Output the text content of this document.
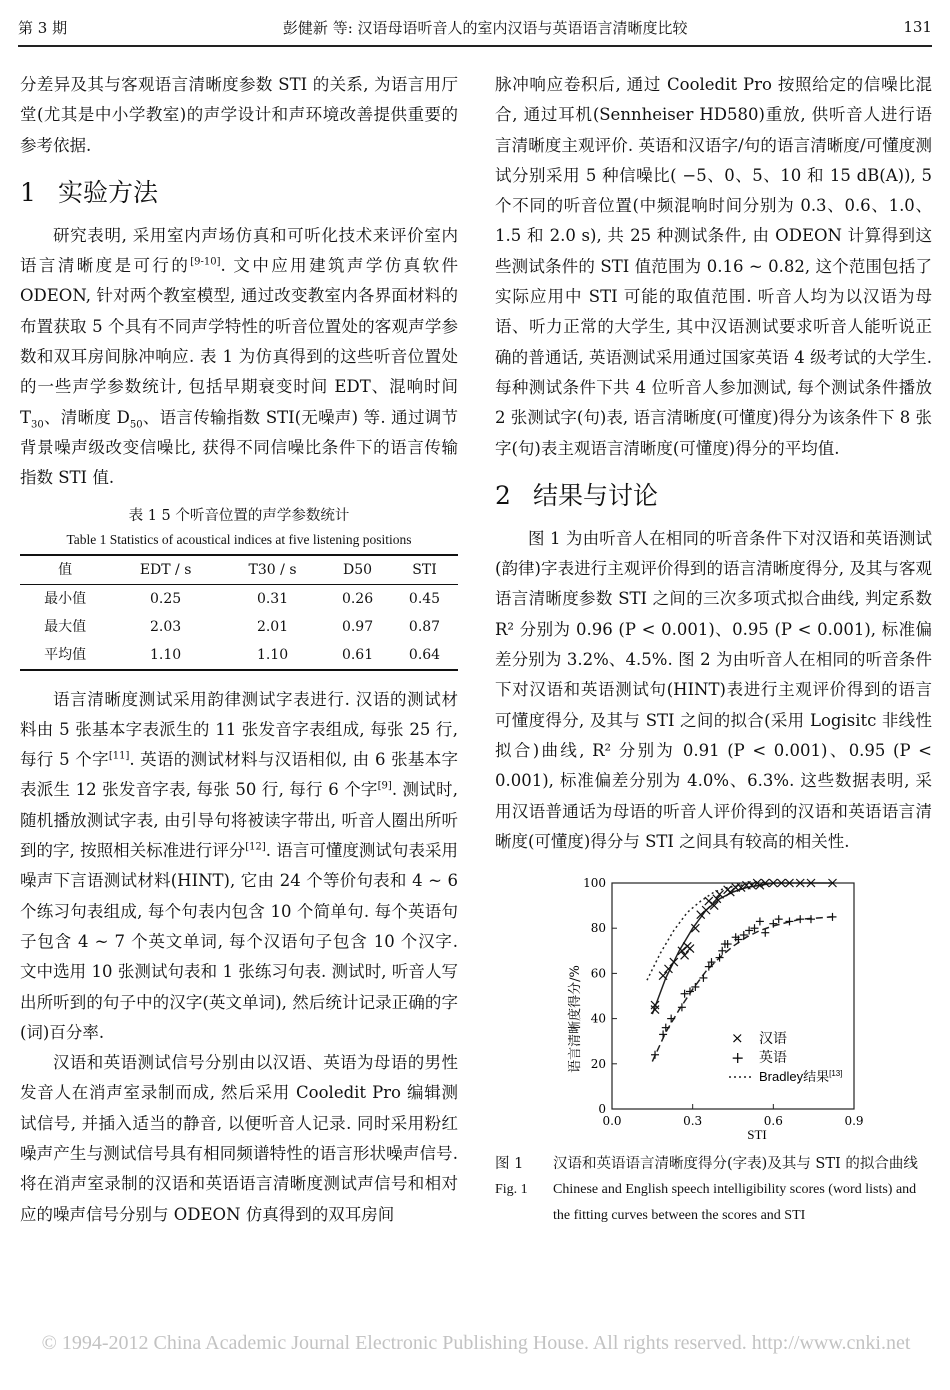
第 3 期	彭健新 等: 汉语母语听音人的室内汉语与英语语言清晰度比较	131

分差异及其与客观语言清晰度参数 STI 的关系, 为语言用厅堂(尤其是中小学教室)的声学设计和声环境改善提供重要的参考依据.

1 实验方法

研究表明, 采用室内声场仿真和可听化技术来评价室内语言清晰度是可行的[9-10]. 文中应用建筑声学仿真软件 ODEON, 针对两个教室模型, 通过改变教室内各界面材料的布置获取 5 个具有不同声学特性的听音位置处的客观声学参数和双耳房间脉冲响应. 表 1 为仿真得到的这些听音位置处的一些声学参数统计, 包括早期衰变时间 EDT、混响时间 $T_{30}$、清晰度 $D_{50}$、语言传输指数 STI(无噪声) 等. 通过调节背景噪声级改变信噪比, 获得不同信噪比条件下的语言传输指数 STI 值.

表 1 5 个听音位置的声学参数统计
Table 1 Statistics of acoustical indices at five listening positions
值	EDT / s	T30 / s	D50	STI
最小值	0.25	0.31	0.26	0.45
最大值	2.03	2.01	0.97	0.87
平均值	1.10	1.10	0.61	0.64

语言清晰度测试采用韵律测试字表进行. 汉语的测试材料由 5 张基本字表派生的 11 张发音字表组成, 每张 25 行, 每行 5 个字[11]. 英语的测试材料与汉语相似, 由 6 张基本字表派生 12 张发音字表, 每张 50 行, 每行 6 个字[9]. 测试时, 随机播放测试字表, 由引导句将被读字带出, 听音人圈出所听到的字, 按照相关标准进行评分[12]. 语言可懂度测试句表采用噪声下言语测试材料(HINT), 它由 24 个等价句表和 4 ~ 6 个练习句表组成, 每个句表内包含 10 个简单句. 每个英语句子包含 4 ~ 7 个英文单词, 每个汉语句子包含 10 个汉字. 文中选用 10 张测试句表和 1 张练习句表. 测试时, 听音人写出所听到的句子中的汉字(英文单词), 然后统计记录正确的字(词)百分率.

汉语和英语测试信号分别由以汉语、英语为母语的男性发音人在消声室录制而成, 然后采用 Cooledit Pro 编辑测试信号, 并插入适当的静音, 以便听音人记录. 同时采用粉红噪声产生与测试信号具有相同频谱特性的语言形状噪声信号. 将在消声室录制的汉语和英语语言清晰度测试声信号和相对应的噪声信号分别与 ODEON 仿真得到的双耳房间

脉冲响应卷积后, 通过 Cooledit Pro 按照给定的信噪比混合, 通过耳机(Sennheiser HD580)重放, 供听音人进行语言清晰度主观评价. 英语和汉语字/句的语言清晰度/可懂度测试分别采用 5 种信噪比( −5、0、5、10 和 15 dB(A)), 5 个不同的听音位置(中频混响时间分别为 0.3、0.6、1.0、1.5 和 2.0 s), 共 25 种测试条件, 由 ODEON 计算得到这些测试条件的 STI 值范围为 0.16 ~ 0.82, 这个范围包括了实际应用中 STI 可能的取值范围. 听音人均为以汉语为母语、听力正常的大学生, 其中汉语测试要求听音人能听说正确的普通话, 英语测试采用通过国家英语 4 级考试的大学生. 每种测试条件下共 4 位听音人参加测试, 每个测试条件播放 2 张测试字(句)表, 语言清晰度(可懂度)得分为该条件下 8 张字(句)表主观语言清晰度(可懂度)得分的平均值.

2 结果与讨论

图 1 为由听音人在相同的听音条件下对汉语和英语测试(韵律)字表进行主观评价得到的语言清晰度得分, 及其与客观语言清晰度参数 STI 之间的三次多项式拟合曲线, 判定系数 R² 分别为 0.96 (P < 0.001)、0.95 (P < 0.001), 标准偏差分别为 3.2%、4.5%. 图 2 为由听音人在相同的听音条件下对汉语和英语测试句(HINT)表进行主观评价得到的语言可懂度得分, 及其与 STI 之间的拟合(采用 Logisitc 非线性拟合)曲线, R² 分别为 0.91 (P < 0.001)、0.95 (P < 0.001), 标准偏差分别为 4.0%、6.3%. 这些数据表明, 采用汉语普通话为母语的听音人评价得到的汉语和英语语言清晰度(可懂度)得分与 STI 之间具有较高的相关性.

0.0	0.3	0.6	0.9
0
20
40
60
80
100
语言清晰度得分/%
STI
× 汉语
+ 英语
Bradley结果[13]
图 1	汉语和英语语言清晰度得分(字表)及其与 STI 的拟合曲线
Fig. 1	Chinese and English speech intelligibility scores (word lists) and the fitting curves between the scores and STI
© 1994-2012 China Academic Journal Electronic Publishing House. All rights reserved. http://www.cnki.net
